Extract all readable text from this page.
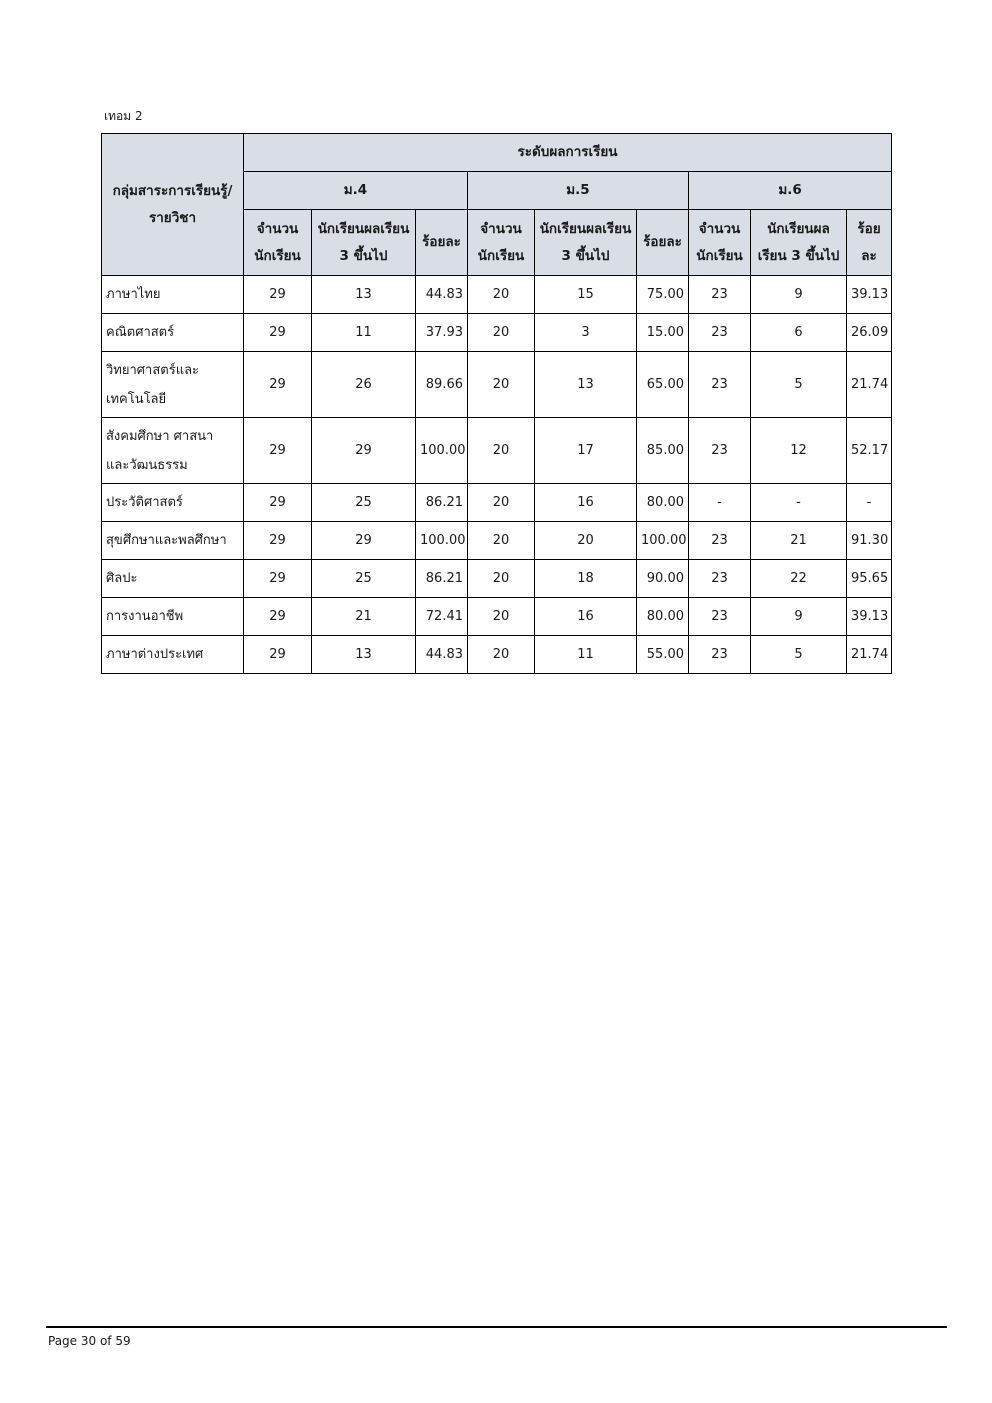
เทอม 2
กลุ่มสาระการเรียนรู้/ รายวิชา	ระดับผลการเรียน								
	ม.4			ม.5			ม.6		
	จำนวน นักเรียน	นักเรียนผลเรียน 3 ขึ้นไป	ร้อยละ	จำนวน นักเรียน	นักเรียนผลเรียน 3 ขึ้นไป	ร้อยละ	จำนวน นักเรียน	นักเรียนผล เรียน 3 ขึ้นไป	ร้อย ละ
ภาษาไทย	29	13	44.83	20	15	75.00	23	9	39.13
คณิตศาสตร์	29	11	37.93	20	3	15.00	23	6	26.09
วิทยาศาสตร์และ เทคโนโลยี	29	26	89.66	20	13	65.00	23	5	21.74
สังคมศึกษา ศาสนา และวัฒนธรรม	29	29	100.00	20	17	85.00	23	12	52.17
ประวัติศาสตร์	29	25	86.21	20	16	80.00	-	-	-
สุขศึกษาและพลศึกษา	29	29	100.00	20	20	100.00	23	21	91.30
ศิลปะ	29	25	86.21	20	18	90.00	23	22	95.65
การงานอาชีพ	29	21	72.41	20	16	80.00	23	9	39.13
ภาษาต่างประเทศ	29	13	44.83	20	11	55.00	23	5	21.74
Page 30 of 59
